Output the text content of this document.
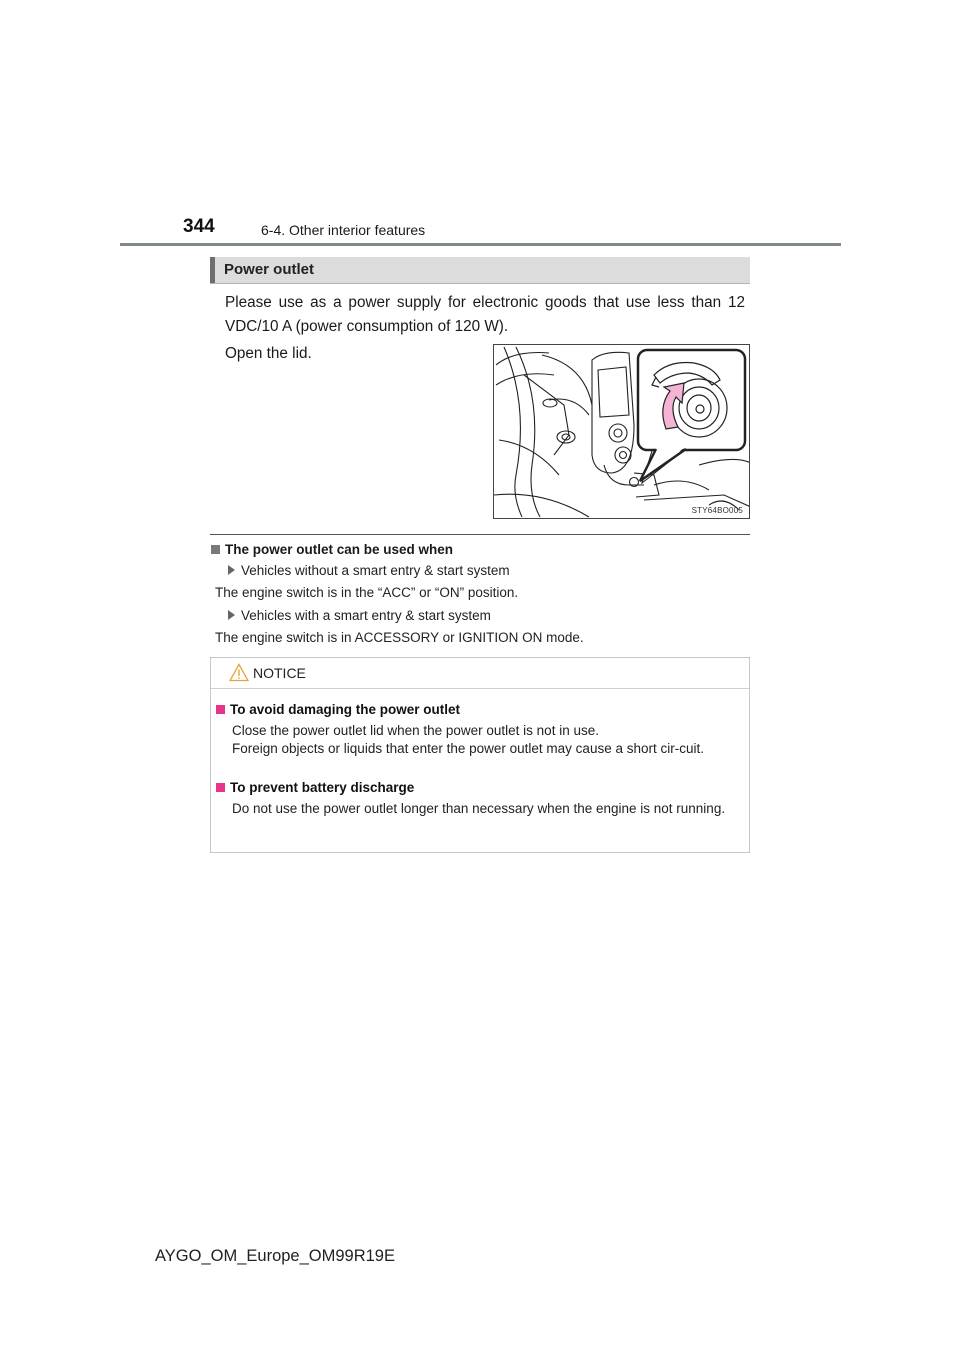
344	6-4. Other interior features
Power outlet
Please use as a power supply for electronic goods that use less than 12 VDC/10 A (power consumption of 120 W).
Open the lid.
STY64BO005
The power outlet can be used when
Vehicles without a smart entry & start system
The engine switch is in the “ACC” or “ON” position.
Vehicles with a smart entry & start system
The engine switch is in ACCESSORY or IGNITION ON mode.
NOTICE
To avoid damaging the power outlet
Close the power outlet lid when the power outlet is not in use.
Foreign objects or liquids that enter the power outlet may cause a short cir-cuit.
To prevent battery discharge
Do not use the power outlet longer than necessary when the engine is not running.
AYGO_OM_Europe_OM99R19E
